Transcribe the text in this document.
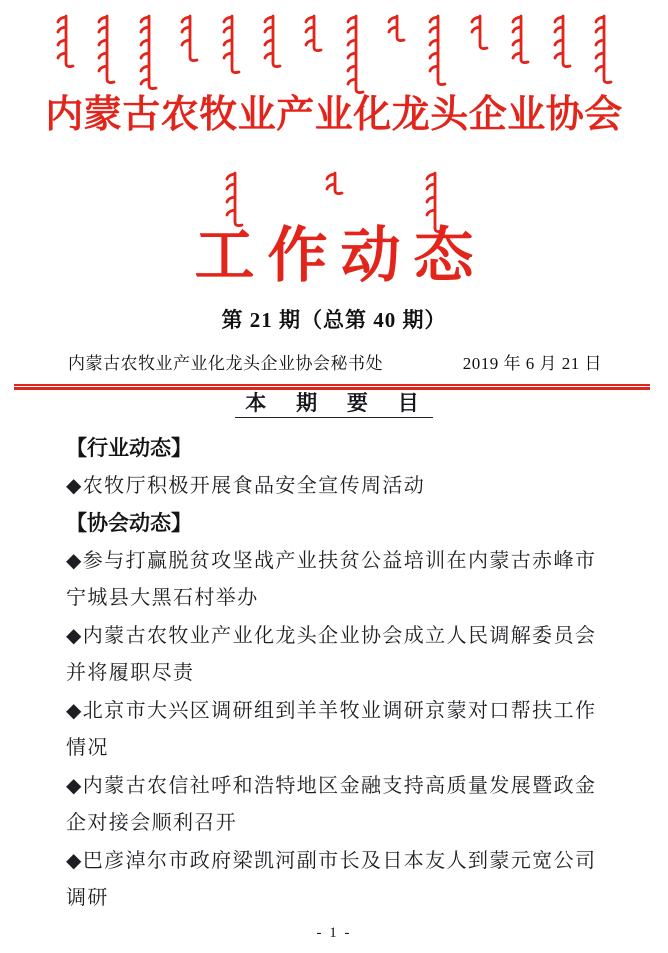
内蒙古农牧业产业化龙头企业协会
工作动态
第 21 期（总第 40 期）
内蒙古农牧业产业化龙头企业协会秘书处	2019 年 6 月 21 日
本 期 要 目
【行业动态】
◆农牧厅积极开展食品安全宣传周活动
【协会动态】
◆参与打赢脱贫攻坚战产业扶贫公益培训在内蒙古赤峰市宁城县大黑石村举办
◆内蒙古农牧业产业化龙头企业协会成立人民调解委员会并将履职尽责
◆北京市大兴区调研组到羊羊牧业调研京蒙对口帮扶工作情况
◆内蒙古农信社呼和浩特地区金融支持高质量发展暨政金企对接会顺利召开
◆巴彦淖尔市政府梁凯河副市长及日本友人到蒙元宽公司调研
- 1 -
